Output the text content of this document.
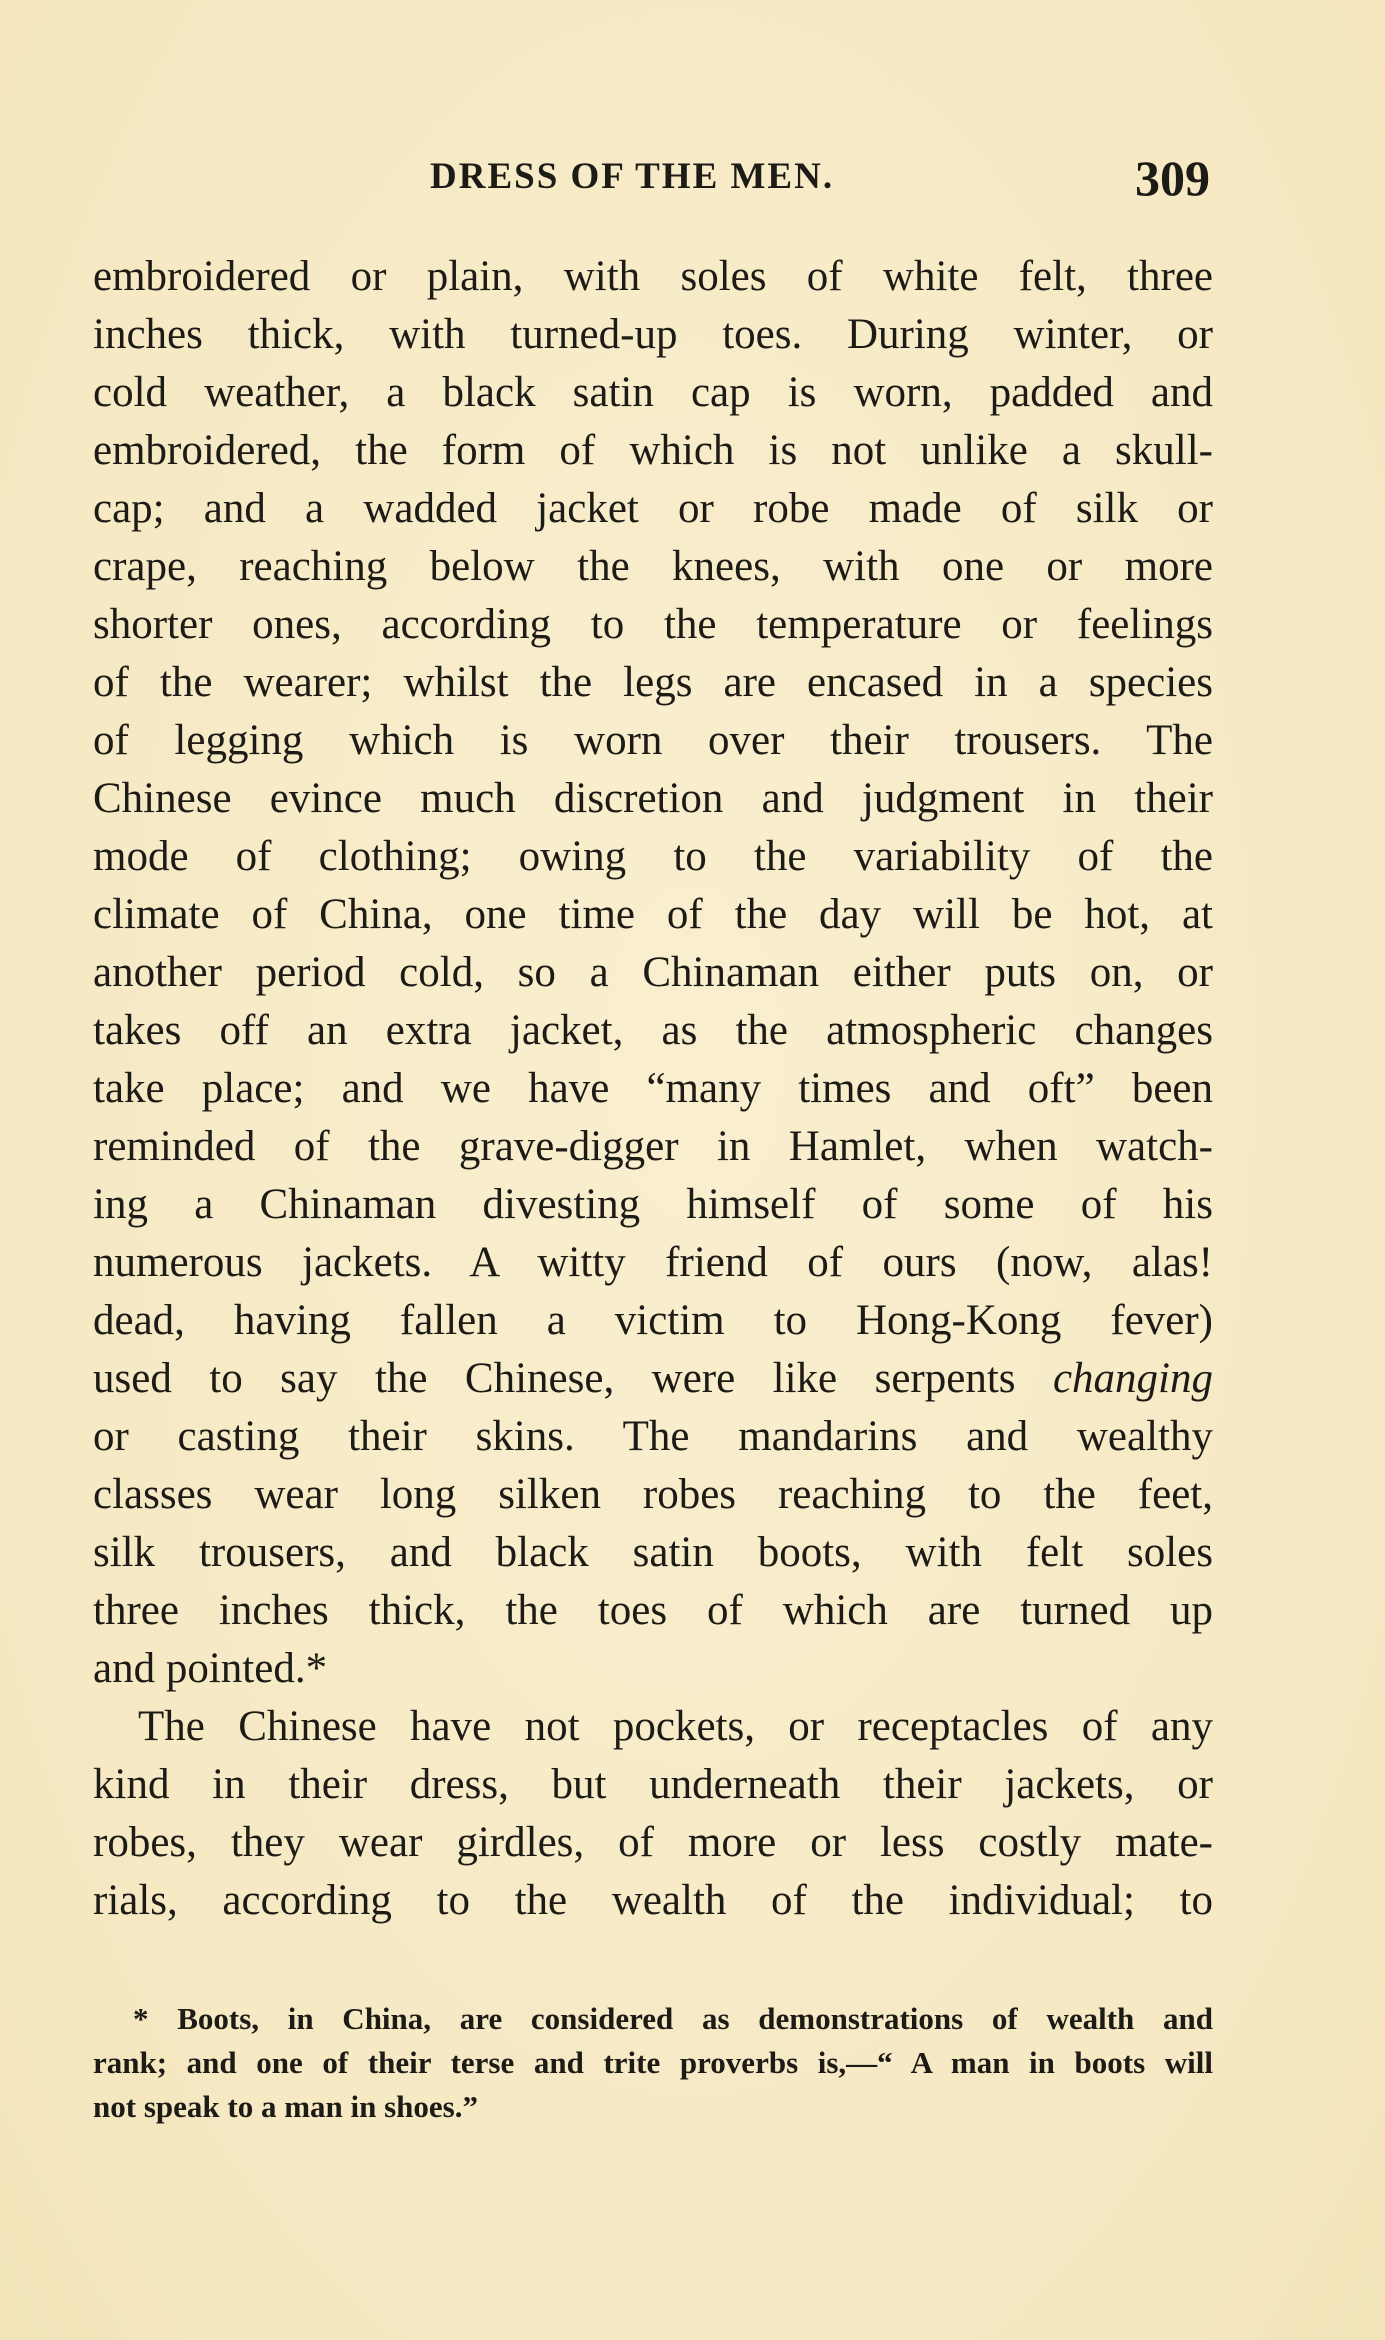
DRESS OF THE MEN.	309
embroidered or plain, with soles of white felt, three
inches thick, with turned-up toes. During winter, or
cold weather, a black satin cap is worn, padded and
embroidered, the form of which is not unlike a skull-
cap; and a wadded jacket or robe made of silk or
crape, reaching below the knees, with one or more
shorter ones, according to the temperature or feelings
of the wearer; whilst the legs are encased in a species
of legging which is worn over their trousers. The
Chinese evince much discretion and judgment in their
mode of clothing; owing to the variability of the
climate of China, one time of the day will be hot, at
another period cold, so a Chinaman either puts on, or
takes off an extra jacket, as the atmospheric changes
take place; and we have “many times and oft” been
reminded of the grave-digger in Hamlet, when watch-
ing a Chinaman divesting himself of some of his
numerous jackets. A witty friend of ours (now, alas!
dead, having fallen a victim to Hong-Kong fever)
used to say the Chinese, were like serpents changing
or casting their skins. The mandarins and wealthy
classes wear long silken robes reaching to the feet,
silk trousers, and black satin boots, with felt soles
three inches thick, the toes of which are turned up
and pointed.*
The Chinese have not pockets, or receptacles of any
kind in their dress, but underneath their jackets, or
robes, they wear girdles, of more or less costly mate-
rials, according to the wealth of the individual; to
* Boots, in China, are considered as demonstrations of wealth and
rank; and one of their terse and trite proverbs is,—“ A man in boots will
not speak to a man in shoes.”
